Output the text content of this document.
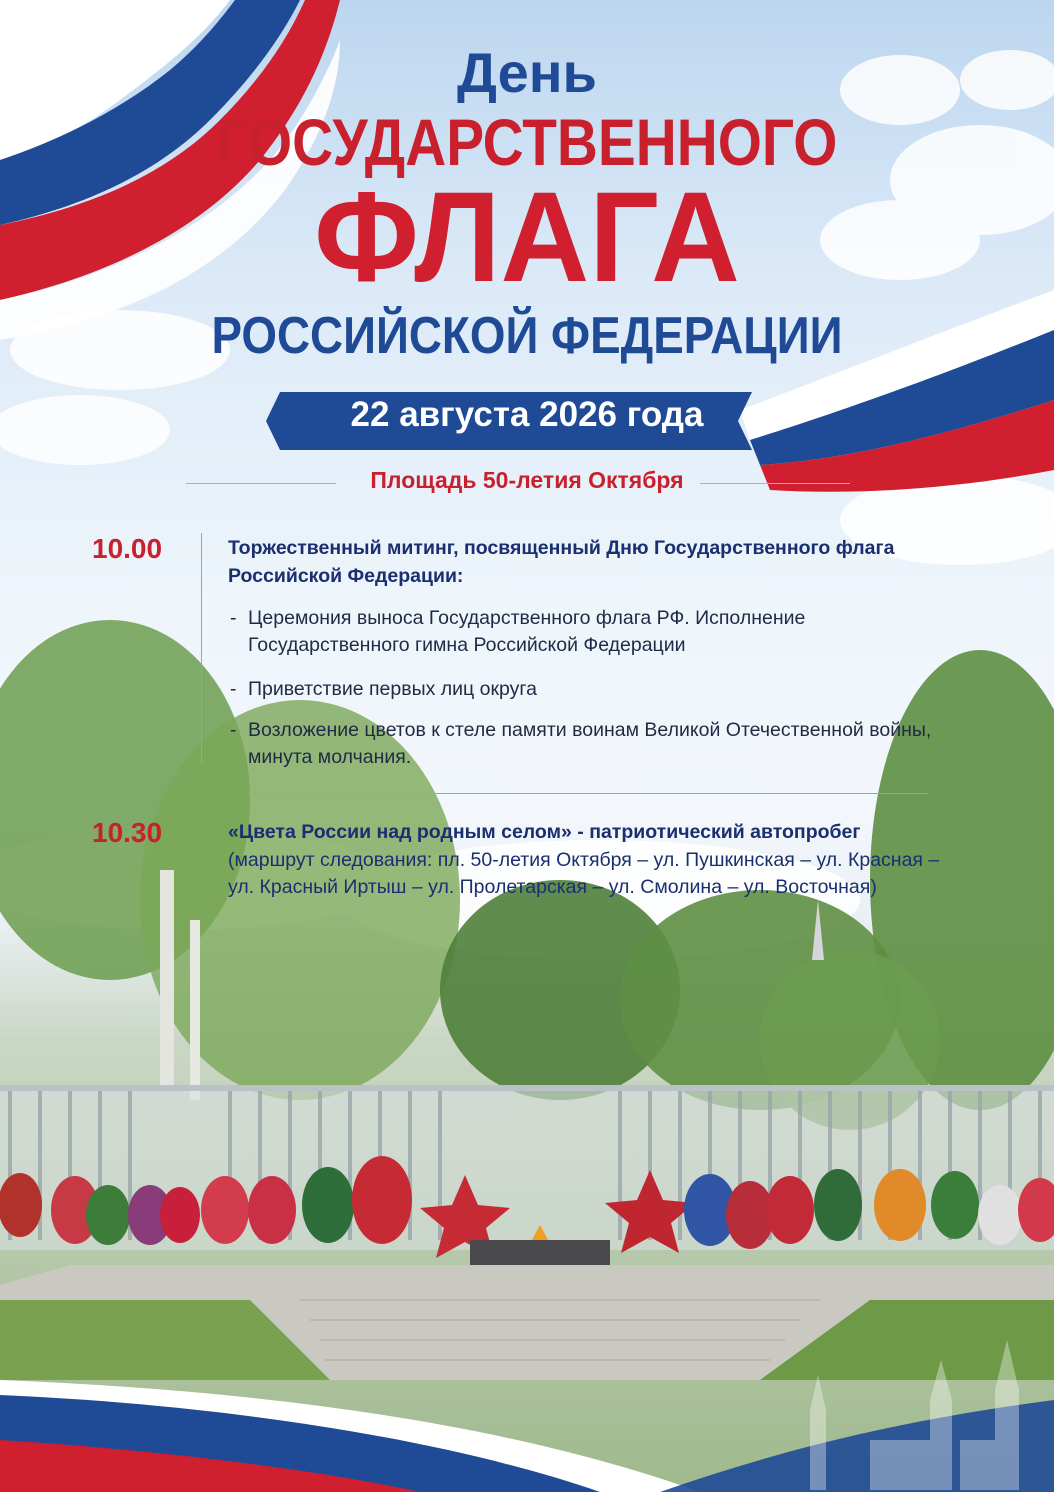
День
ГОСУДАРСТВЕННОГО
ФЛАГА
РОССИЙСКОЙ ФЕДЕРАЦИИ
22 августа 2026 года
Площадь 50-летия Октября
10.00	Торжественный митинг, посвященный Дню Государственного флага Российской Федерации:
- Церемония выноса Государственного флага РФ. Исполнение Государственного гимна Российской Федерации
- Приветствие первых лиц округа
- Возложение цветов к стеле памяти воинам Великой Отечественной войны, минута молчания.
10.30	«Цвета России над родным селом» - патриотический автопробег
(маршрут следования: пл. 50-летия Октября – ул. Пушкинская – ул. Красная – ул. Красный Иртыш – ул. Пролетарская – ул. Смолина – ул. Восточная)
